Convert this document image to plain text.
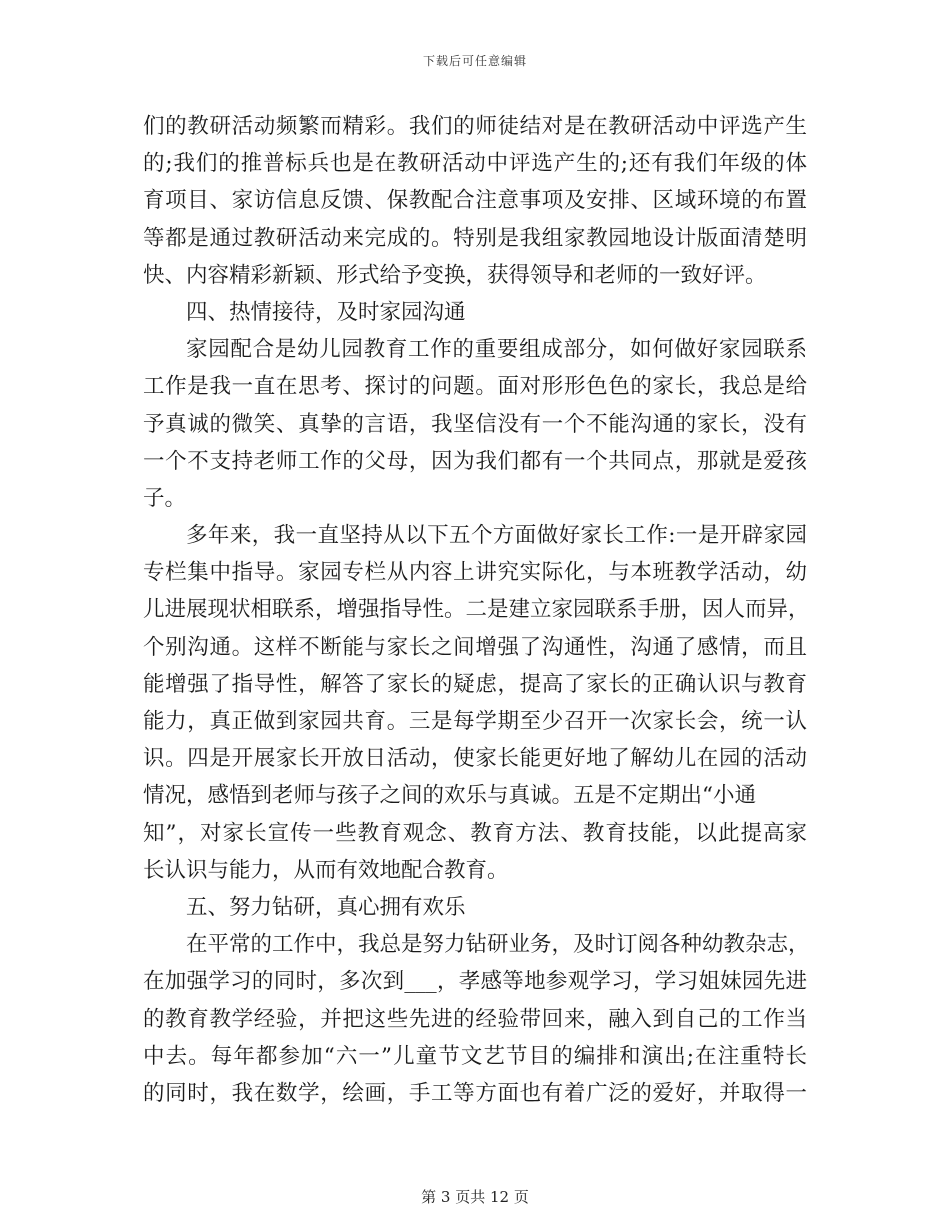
下载后可任意编辑
们的教研活动频繁而精彩。我们的师徒结对是在教研活动中评选产生
的;我们的推普标兵也是在教研活动中评选产生的;还有我们年级的体
育项目、家访信息反馈、保教配合注意事项及安排、区域环境的布置
等都是通过教研活动来完成的。特别是我组家教园地设计版面清楚明
快、内容精彩新颖、形式给予变换，获得领导和老师的一致好评。
四、热情接待，及时家园沟通
家园配合是幼儿园教育工作的重要组成部分，如何做好家园联系
工作是我一直在思考、探讨的问题。面对形形色色的家长，我总是给
予真诚的微笑、真挚的言语，我坚信没有一个不能沟通的家长，没有
一个不支持老师工作的父母，因为我们都有一个共同点，那就是爱孩
子。
多年来，我一直坚持从以下五个方面做好家长工作:一是开辟家园
专栏集中指导。家园专栏从内容上讲究实际化，与本班教学活动，幼
儿进展现状相联系，增强指导性。二是建立家园联系手册，因人而异，
个别沟通。这样不断能与家长之间增强了沟通性，沟通了感情，而且
能增强了指导性，解答了家长的疑虑，提高了家长的正确认识与教育
能力，真正做到家园共育。三是每学期至少召开一次家长会，统一认
识。四是开展家长开放日活动，使家长能更好地了解幼儿在园的活动
情况，感悟到老师与孩子之间的欢乐与真诚。五是不定期出“小通
知”，对家长宣传一些教育观念、教育方法、教育技能，以此提高家
长认识与能力，从而有效地配合教育。
五、努力钻研，真心拥有欢乐
在平常的工作中，我总是努力钻研业务，及时订阅各种幼教杂志，
在加强学习的同时，多次到___，孝感等地参观学习，学习姐妹园先进
的教育教学经验，并把这些先进的经验带回来，融入到自己的工作当
中去。每年都参加“六一”儿童节文艺节目的编排和演出;在注重特长
的同时，我在数学，绘画，手工等方面也有着广泛的爱好，并取得一
第 3 页共 12 页
